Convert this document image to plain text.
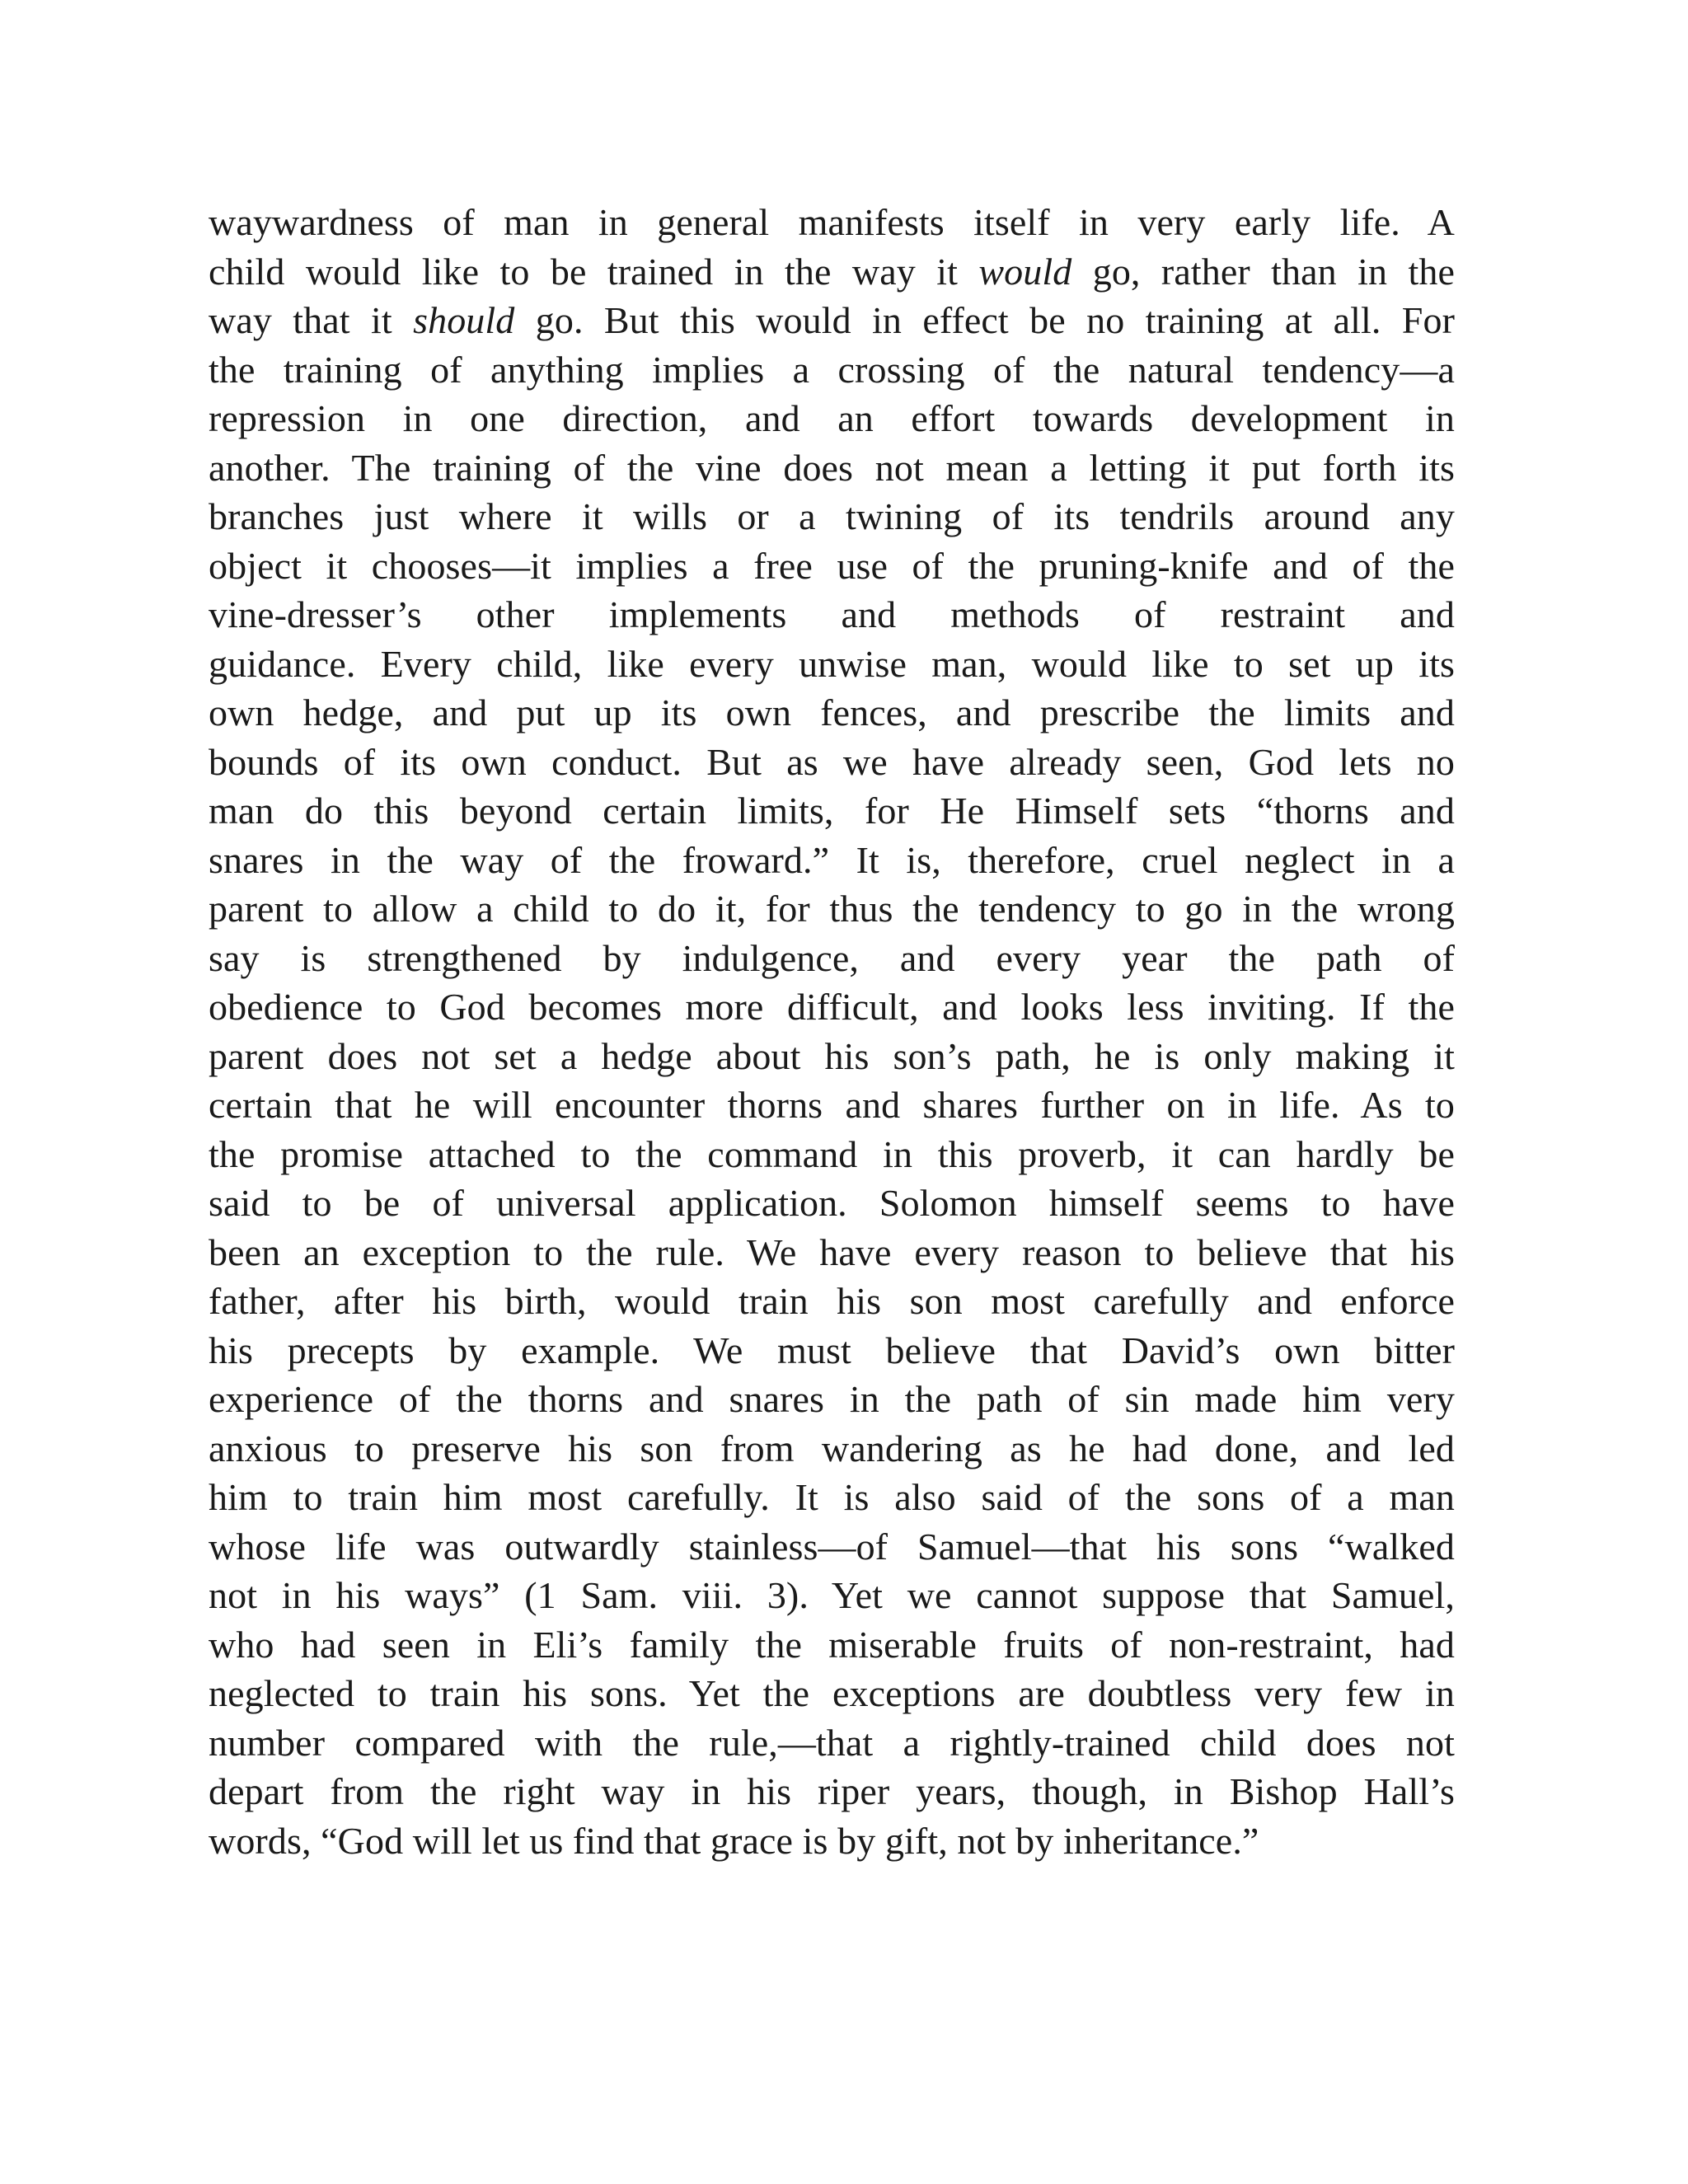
waywardness of man in general manifests itself in very early life. A
child would like to be trained in the way it would go, rather than in the
way that it should go. But this would in effect be no training at all. For
the training of anything implies a crossing of the natural tendency—a
repression in one direction, and an effort towards development in
another. The training of the vine does not mean a letting it put forth its
branches just where it wills or a twining of its tendrils around any
object it chooses—it implies a free use of the pruning-knife and of the
vine-dresser’s other implements and methods of restraint and
guidance. Every child, like every unwise man, would like to set up its
own hedge, and put up its own fences, and prescribe the limits and
bounds of its own conduct. But as we have already seen, God lets no
man do this beyond certain limits, for He Himself sets “thorns and
snares in the way of the froward.” It is, therefore, cruel neglect in a
parent to allow a child to do it, for thus the tendency to go in the wrong
say is strengthened by indulgence, and every year the path of
obedience to God becomes more difficult, and looks less inviting. If the
parent does not set a hedge about his son’s path, he is only making it
certain that he will encounter thorns and shares further on in life. As to
the promise attached to the command in this proverb, it can hardly be
said to be of universal application. Solomon himself seems to have
been an exception to the rule. We have every reason to believe that his
father, after his birth, would train his son most carefully and enforce
his precepts by example. We must believe that David’s own bitter
experience of the thorns and snares in the path of sin made him very
anxious to preserve his son from wandering as he had done, and led
him to train him most carefully. It is also said of the sons of a man
whose life was outwardly stainless—of Samuel—that his sons “walked
not in his ways” (1 Sam. viii. 3). Yet we cannot suppose that Samuel,
who had seen in Eli’s family the miserable fruits of non-restraint, had
neglected to train his sons. Yet the exceptions are doubtless very few in
number compared with the rule,—that a rightly-trained child does not
depart from the right way in his riper years, though, in Bishop Hall’s
words, “God will let us find that grace is by gift, not by inheritance.”
